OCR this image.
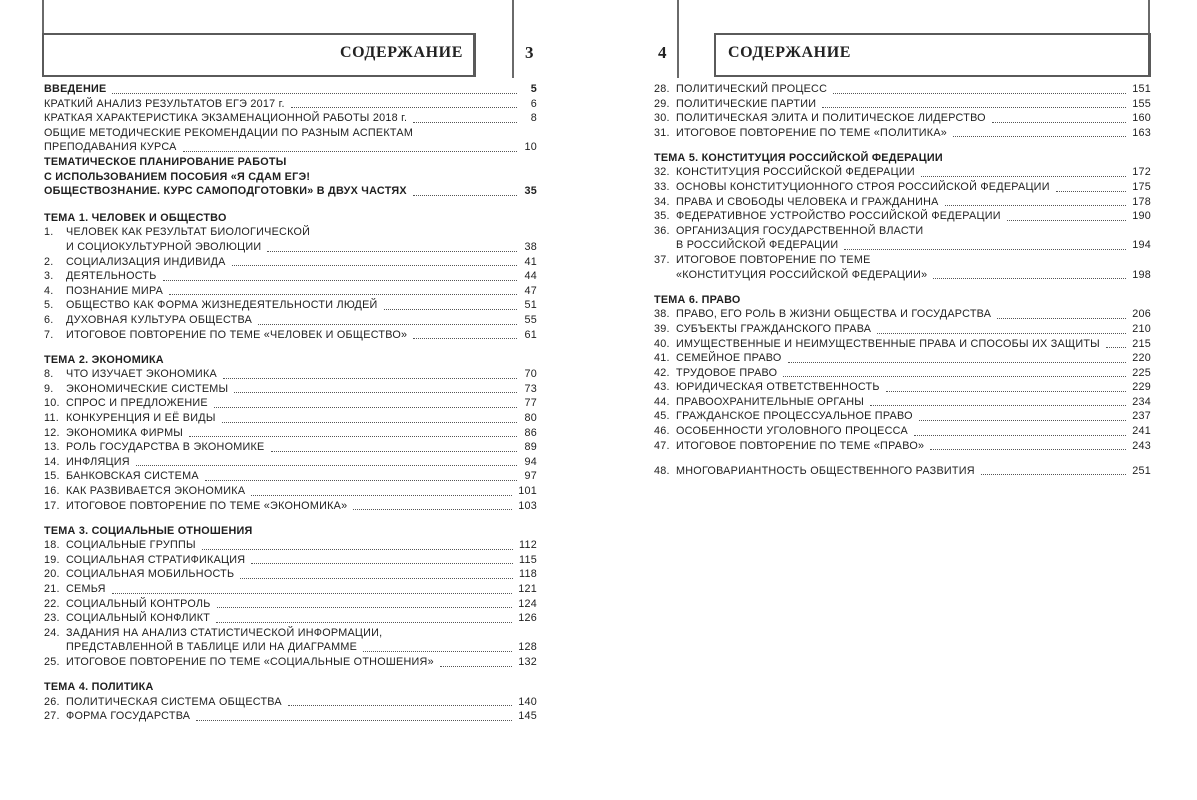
СОДЕРЖАНИЕ	3	СОДЕРЖАНИЕ
4
ВВЕДЕНИЕ	5
КРАТКИЙ АНАЛИЗ РЕЗУЛЬТАТОВ ЕГЭ 2017 г.	6
КРАТКАЯ ХАРАКТЕРИСТИКА ЭКЗАМЕНАЦИОННОЙ РАБОТЫ 2018 г.	8
ОБЩИЕ МЕТОДИЧЕСКИЕ РЕКОМЕНДАЦИИ ПО РАЗНЫМ АСПЕКТАМ
ПРЕПОДАВАНИЯ КУРСА	10
ТЕМАТИЧЕСКОЕ ПЛАНИРОВАНИЕ РАБОТЫ
С ИСПОЛЬЗОВАНИЕМ ПОСОБИЯ «Я СДАМ ЕГЭ!
ОБЩЕСТВОЗНАНИЕ. КУРС САМОПОДГОТОВКИ» В ДВУХ ЧАСТЯХ	35
ТЕМА 1. ЧЕЛОВЕК И ОБЩЕСТВО
1.	ЧЕЛОВЕК КАК РЕЗУЛЬТАТ БИОЛОГИЧЕСКОЙ
И СОЦИОКУЛЬТУРНОЙ ЭВОЛЮЦИИ	38
2.	СОЦИАЛИЗАЦИЯ ИНДИВИДА	41
3.	ДЕЯТЕЛЬНОСТЬ	44
4.	ПОЗНАНИЕ МИРА	47
5.	ОБЩЕСТВО КАК ФОРМА ЖИЗНЕДЕЯТЕЛЬНОСТИ ЛЮДЕЙ	51
6.	ДУХОВНАЯ КУЛЬТУРА ОБЩЕСТВА	55
7.	ИТОГОВОЕ ПОВТОРЕНИЕ ПО ТЕМЕ «ЧЕЛОВЕК И ОБЩЕСТВО»	61
ТЕМА 2. ЭКОНОМИКА
8.	ЧТО ИЗУЧАЕТ ЭКОНОМИКА	70
9.	ЭКОНОМИЧЕСКИЕ СИСТЕМЫ	73
10. СПРОС И ПРЕДЛОЖЕНИЕ	77
11. КОНКУРЕНЦИЯ И ЕЁ ВИДЫ	80
12. ЭКОНОМИКА ФИРМЫ	86
13. РОЛЬ ГОСУДАРСТВА В ЭКОНОМИКЕ	89
14. ИНФЛЯЦИЯ	94
15. БАНКОВСКАЯ СИСТЕМА	97
16. КАК РАЗВИВАЕТСЯ ЭКОНОМИКА	101
17. ИТОГОВОЕ ПОВТОРЕНИЕ ПО ТЕМЕ «ЭКОНОМИКА»	103
ТЕМА 3. СОЦИАЛЬНЫЕ ОТНОШЕНИЯ
18. СОЦИАЛЬНЫЕ ГРУППЫ	112
19. СОЦИАЛЬНАЯ СТРАТИФИКАЦИЯ	115
20. СОЦИАЛЬНАЯ МОБИЛЬНОСТЬ	118
21. СЕМЬЯ	121
22. СОЦИАЛЬНЫЙ КОНТРОЛЬ	124
23. СОЦИАЛЬНЫЙ КОНФЛИКТ	126
24. ЗАДАНИЯ НА АНАЛИЗ СТАТИСТИЧЕСКОЙ ИНФОРМАЦИИ,
ПРЕДСТАВЛЕННОЙ В ТАБЛИЦЕ ИЛИ НА ДИАГРАММЕ	128
25. ИТОГОВОЕ ПОВТОРЕНИЕ ПО ТЕМЕ «СОЦИАЛЬНЫЕ ОТНОШЕНИЯ»	132
ТЕМА 4. ПОЛИТИКА
26. ПОЛИТИЧЕСКАЯ СИСТЕМА ОБЩЕСТВА	140
27. ФОРМА ГОСУДАРСТВА	145
28. ПОЛИТИЧЕСКИЙ ПРОЦЕСС	151
29. ПОЛИТИЧЕСКИЕ ПАРТИИ	155
30. ПОЛИТИЧЕСКАЯ ЭЛИТА И ПОЛИТИЧЕСКОЕ ЛИДЕРСТВО	160
31. ИТОГОВОЕ ПОВТОРЕНИЕ ПО ТЕМЕ «ПОЛИТИКА»	163
ТЕМА 5. КОНСТИТУЦИЯ РОССИЙСКОЙ ФЕДЕРАЦИИ
32. КОНСТИТУЦИЯ РОССИЙСКОЙ ФЕДЕРАЦИИ	172
33. ОСНОВЫ КОНСТИТУЦИОННОГО СТРОЯ РОССИЙСКОЙ ФЕДЕРАЦИИ	175
34. ПРАВА И СВОБОДЫ ЧЕЛОВЕКА И ГРАЖДАНИНА	178
35. ФЕДЕРАТИВНОЕ УСТРОЙСТВО РОССИЙСКОЙ ФЕДЕРАЦИИ	190
36. ОРГАНИЗАЦИЯ ГОСУДАРСТВЕННОЙ ВЛАСТИ
В РОССИЙСКОЙ ФЕДЕРАЦИИ	194
37. ИТОГОВОЕ ПОВТОРЕНИЕ ПО ТЕМЕ
«КОНСТИТУЦИЯ РОССИЙСКОЙ ФЕДЕРАЦИИ»	198
ТЕМА 6. ПРАВО
38. ПРАВО, ЕГО РОЛЬ В ЖИЗНИ ОБЩЕСТВА И ГОСУДАРСТВА	206
39. СУБЪЕКТЫ ГРАЖДАНСКОГО ПРАВА	210
40. ИМУЩЕСТВЕННЫЕ И НЕИМУЩЕСТВЕННЫЕ ПРАВА И СПОСОБЫ ИХ ЗАЩИТЫ	215
41. СЕМЕЙНОЕ ПРАВО	220
42. ТРУДОВОЕ ПРАВО	225
43. ЮРИДИЧЕСКАЯ ОТВЕТСТВЕННОСТЬ	229
44. ПРАВООХРАНИТЕЛЬНЫЕ ОРГАНЫ	234
45. ГРАЖДАНСКОЕ ПРОЦЕССУАЛЬНОЕ ПРАВО	237
46. ОСОБЕННОСТИ УГОЛОВНОГО ПРОЦЕССА	241
47. ИТОГОВОЕ ПОВТОРЕНИЕ ПО ТЕМЕ «ПРАВО»	243
48. МНОГОВАРИАНТНОСТЬ ОБЩЕСТВЕННОГО РАЗВИТИЯ	251
